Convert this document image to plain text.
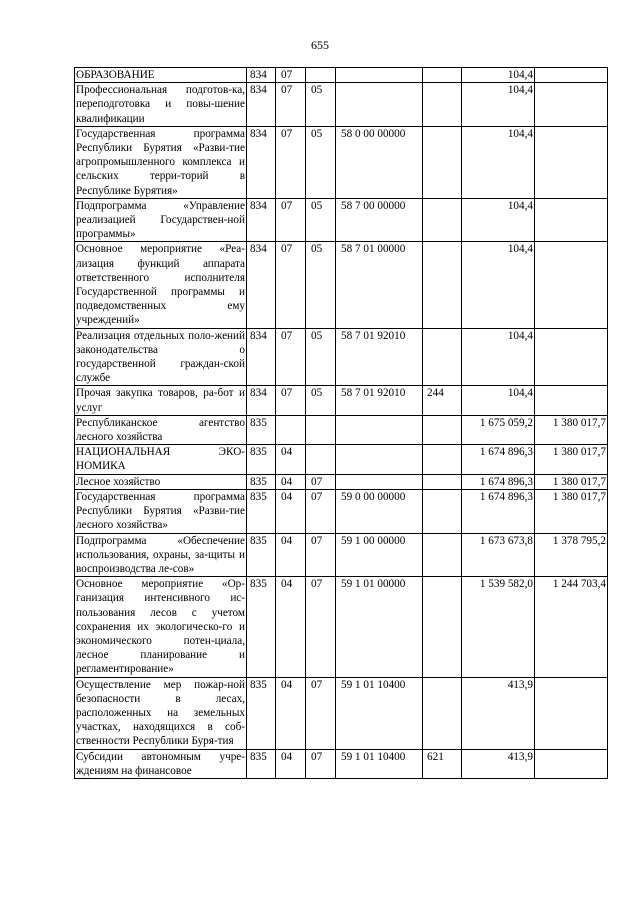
655
ОБРАЗОВАНИЕ	834	07				104,4	
Профессиональная подготов-ка, переподготовка и повы-шение квалификации	834	07	05			104,4	
Государственная программа Республики Бурятия «Разви-тие агропромышленного комплекса и сельских терри-торий в Республике Бурятия»	834	07	05	58 0 00 00000		104,4	
Подпрограмма «Управление реализацией Государствен-ной программы»	834	07	05	58 7 00 00000		104,4	
Основное мероприятие «Реа-лизация функций аппарата ответственного исполнителя Государственной программы и подведомственных ему учреждений»	834	07	05	58 7 01 00000		104,4	
Реализация отдельных поло-жений законодательства о государственной граждан-ской службе	834	07	05	58 7 01 92010		104,4	
Прочая закупка товаров, ра-бот и услуг	834	07	05	58 7 01 92010	244	104,4	
Республиканское агентство лесного хозяйства	835					1 675 059,2	1 380 017,7
НАЦИОНАЛЬНАЯ ЭКО-НОМИКА	835	04				1 674 896,3	1 380 017,7
Лесное хозяйство	835	04	07			1 674 896,3	1 380 017,7
Государственная программа Республики Бурятия «Разви-тие лесного хозяйства»	835	04	07	59 0 00 00000		1 674 896,3	1 380 017,7
Подпрограмма «Обеспечение использования, охраны, за-щиты и воспроизводства ле-сов»	835	04	07	59 1 00 00000		1 673 673,8	1 378 795,2
Основное мероприятие «Ор-ганизация интенсивного ис-пользования лесов с учетом сохранения их экологическо-го и экономического потен-циала, лесное планирование и регламентирование»	835	04	07	59 1 01 00000		1 539 582,0	1 244 703,4
Осуществление мер пожар-ной безопасности в лесах, расположенных на земельных участках, находящихся в соб-ственности Республики Буря-тия	835	04	07	59 1 01 10400		413,9	
Субсидии автономным учре-ждениям на финансовое	835	04	07	59 1 01 10400	621	413,9	
